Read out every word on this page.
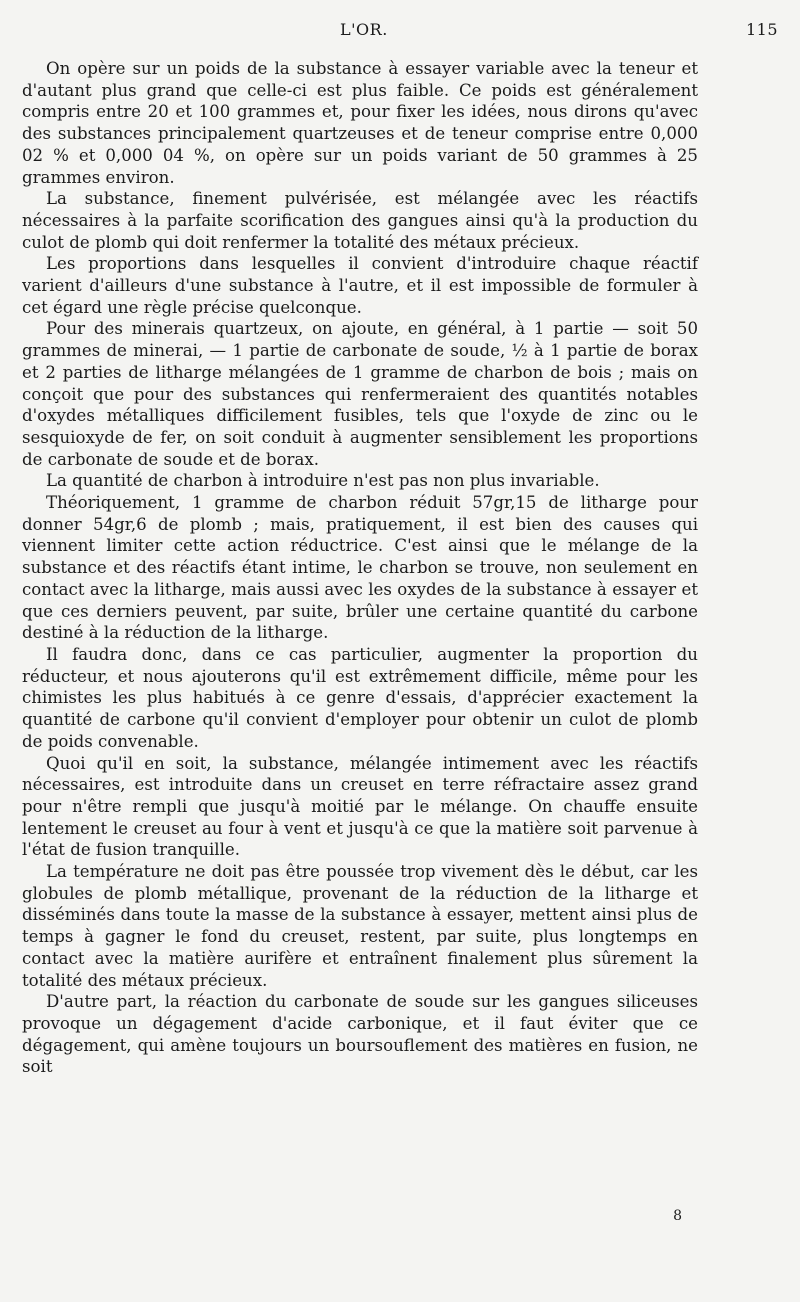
L'OR.	115

On opère sur un poids de la substance à essayer variable avec la teneur et d'autant plus grand que celle-ci est plus faible. Ce poids est généralement compris entre 20 et 100 grammes et, pour fixer les idées, nous dirons qu'avec des substances principalement quartzeuses et de teneur comprise entre 0,000 02 % et 0,000 04 %, on opère sur un poids variant de 50 grammes à 25 grammes environ.

La substance, finement pulvérisée, est mélangée avec les réactifs nécessaires à la parfaite scorification des gangues ainsi qu'à la production du culot de plomb qui doit renfermer la totalité des métaux précieux.

Les proportions dans lesquelles il convient d'introduire chaque réactif varient d'ailleurs d'une substance à l'autre, et il est impossible de formuler à cet égard une règle précise quelconque.

Pour des minerais quartzeux, on ajoute, en général, à 1 partie — soit 50 grammes de minerai, — 1 partie de carbonate de soude, ½ à 1 partie de borax et 2 parties de litharge mélangées de 1 gramme de charbon de bois ; mais on conçoit que pour des substances qui renfermeraient des quantités notables d'oxydes métalliques difficilement fusibles, tels que l'oxyde de zinc ou le sesquioxyde de fer, on soit conduit à augmenter sensiblement les proportions de carbonate de soude et de borax.

La quantité de charbon à introduire n'est pas non plus invariable.

Théoriquement, 1 gramme de charbon réduit 57gr,15 de litharge pour donner 54gr,6 de plomb ; mais, pratiquement, il est bien des causes qui viennent limiter cette action réductrice. C'est ainsi que le mélange de la substance et des réactifs étant intime, le charbon se trouve, non seulement en contact avec la litharge, mais aussi avec les oxydes de la substance à essayer et que ces derniers peuvent, par suite, brûler une certaine quantité du carbone destiné à la réduction de la litharge.

Il faudra donc, dans ce cas particulier, augmenter la proportion du réducteur, et nous ajouterons qu'il est extrêmement difficile, même pour les chimistes les plus habitués à ce genre d'essais, d'apprécier exactement la quantité de carbone qu'il convient d'employer pour obtenir un culot de plomb de poids convenable.

Quoi qu'il en soit, la substance, mélangée intimement avec les réactifs nécessaires, est introduite dans un creuset en terre réfractaire assez grand pour n'être rempli que jusqu'à moitié par le mélange. On chauffe ensuite lentement le creuset au four à vent et jusqu'à ce que la matière soit parvenue à l'état de fusion tranquille.

La température ne doit pas être poussée trop vivement dès le début, car les globules de plomb métallique, provenant de la réduction de la litharge et disséminés dans toute la masse de la substance à essayer, mettent ainsi plus de temps à gagner le fond du creuset, restent, par suite, plus longtemps en contact avec la matière aurifère et entraînent finalement plus sûrement la totalité des métaux précieux.

D'autre part, la réaction du carbonate de soude sur les gangues siliceuses provoque un dégagement d'acide carbonique, et il faut éviter que ce dégagement, qui amène toujours un boursouflement des matières en fusion, ne soit

8
